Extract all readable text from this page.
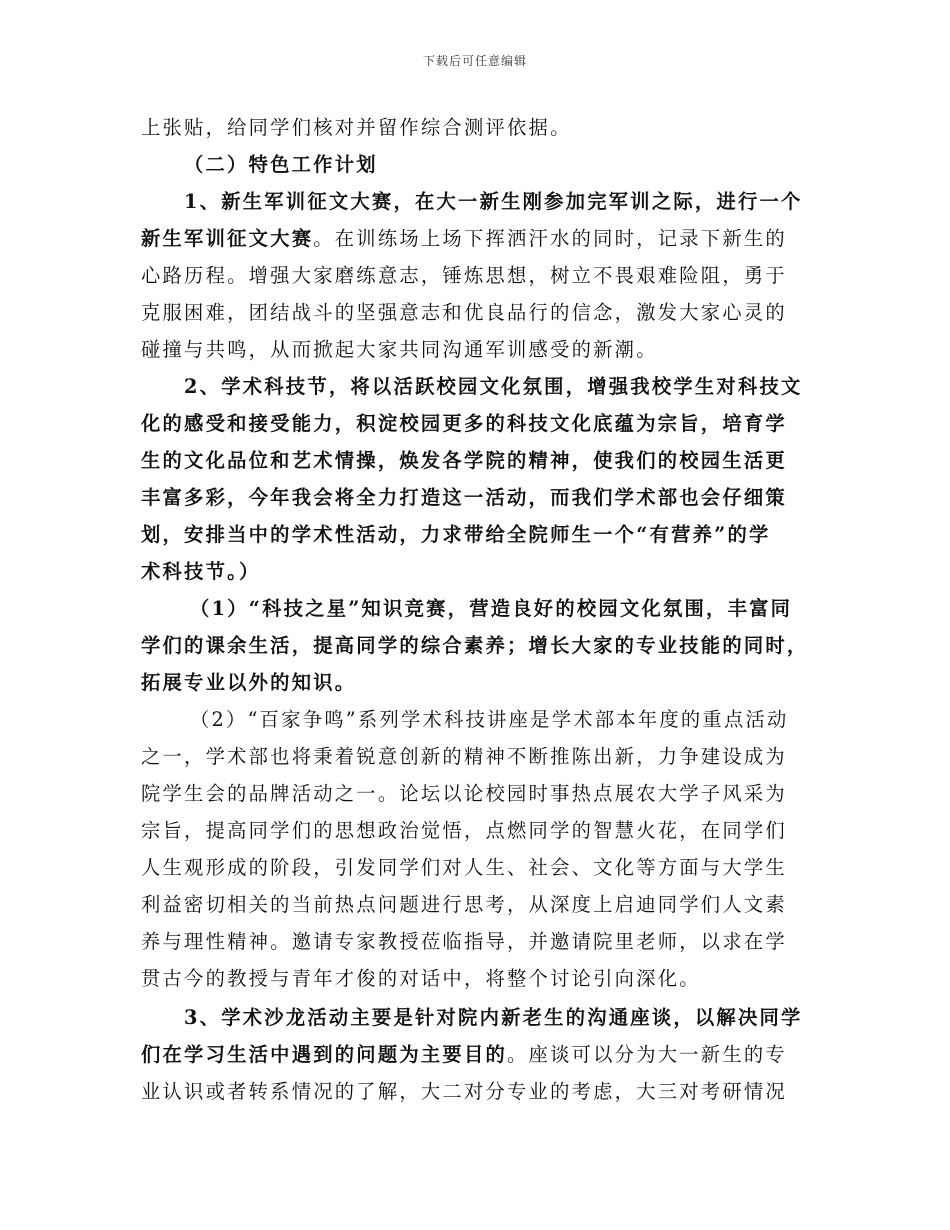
下载后可任意编辑
上张贴，给同学们核对并留作综合测评依据。
（二）特色工作计划
1、新生军训征文大赛，在大一新生刚参加完军训之际，进行一个
新生军训征文大赛。在训练场上场下挥洒汗水的同时，记录下新生的
心路历程。增强大家磨练意志，锤炼思想，树立不畏艰难险阻，勇于
克服困难，团结战斗的坚强意志和优良品行的信念，激发大家心灵的
碰撞与共鸣，从而掀起大家共同沟通军训感受的新潮。
2、学术科技节，将以活跃校园文化氛围，增强我校学生对科技文
化的感受和接受能力，积淀校园更多的科技文化底蕴为宗旨，培育学
生的文化品位和艺术情操，焕发各学院的精神，使我们的校园生活更
丰富多彩，今年我会将全力打造这一活动，而我们学术部也会仔细策
划，安排当中的学术性活动，力求带给全院师生一个“有营养”的学
术科技节。）
（1）“科技之星”知识竞赛，营造良好的校园文化氛围，丰富同
学们的课余生活，提高同学的综合素养；增长大家的专业技能的同时，
拓展专业以外的知识。
（2）“百家争鸣”系列学术科技讲座是学术部本年度的重点活动
之一，学术部也将秉着锐意创新的精神不断推陈出新，力争建设成为
院学生会的品牌活动之一。论坛以论校园时事热点展农大学子风采为
宗旨，提高同学们的思想政治觉悟，点燃同学的智慧火花，在同学们
人生观形成的阶段，引发同学们对人生、社会、文化等方面与大学生
利益密切相关的当前热点问题进行思考，从深度上启迪同学们人文素
养与理性精神。邀请专家教授莅临指导，并邀请院里老师，以求在学
贯古今的教授与青年才俊的对话中，将整个讨论引向深化。
3、学术沙龙活动主要是针对院内新老生的沟通座谈，以解决同学
们在学习生活中遇到的问题为主要目的。座谈可以分为大一新生的专
业认识或者转系情况的了解，大二对分专业的考虑，大三对考研情况
